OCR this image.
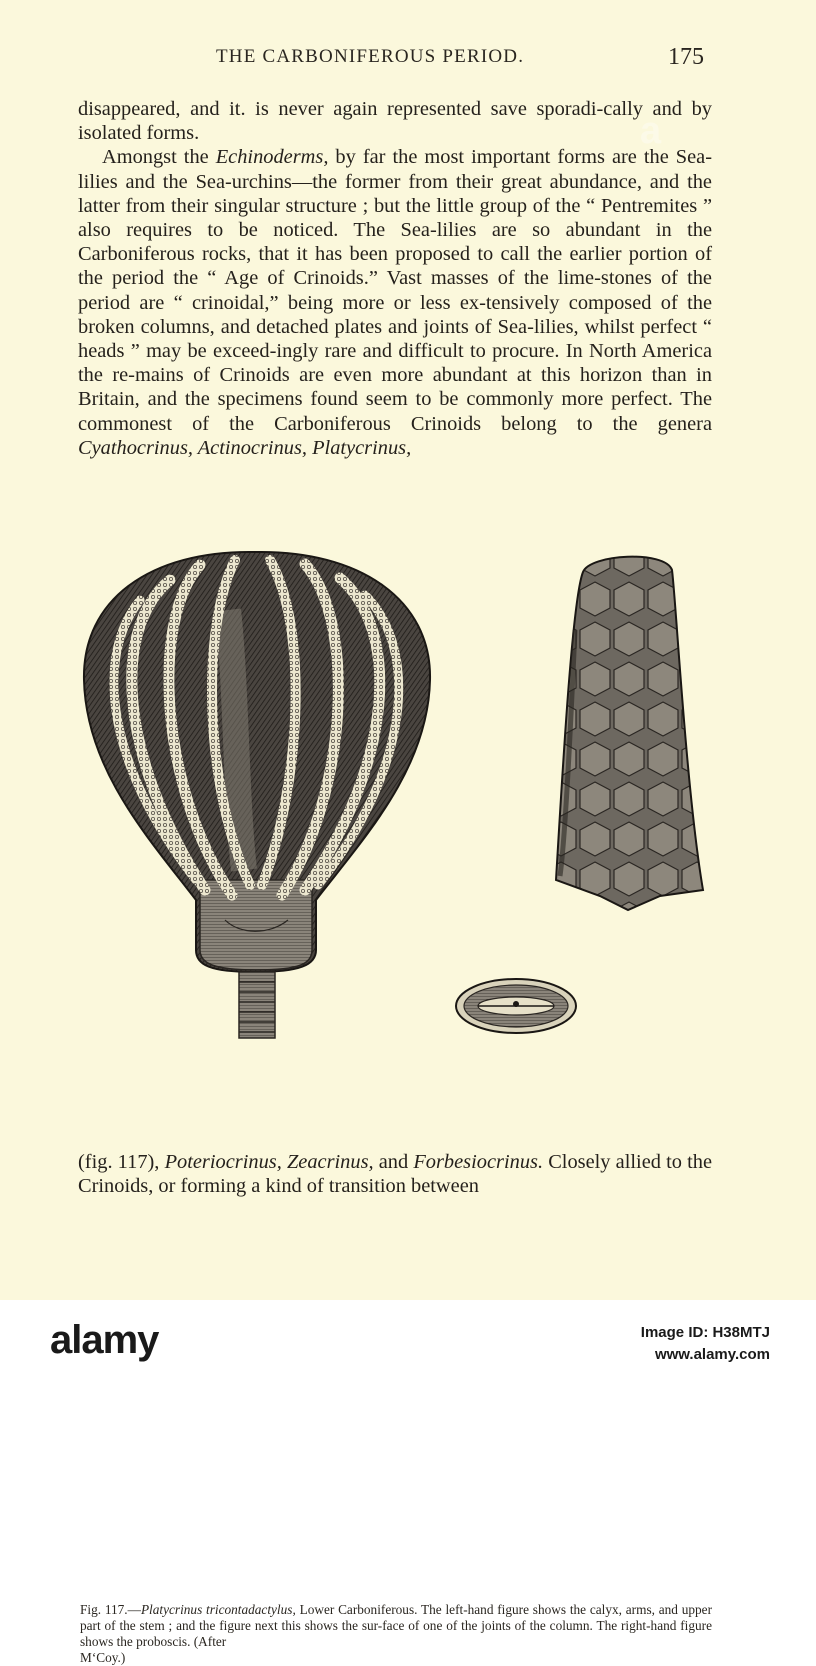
THE CARBONIFEROUS PERIOD.	175

disappeared, and it. is never again represented save sporadi-cally and by isolated forms.

Amongst the Echinoderms, by far the most important forms are the Sea-lilies and the Sea-urchins—the former from their great abundance, and the latter from their singular structure ; but the little group of the “ Pentremites ” also requires to be noticed. The Sea-lilies are so abundant in the Carboniferous rocks, that it has been proposed to call the earlier portion of the period the “ Age of Crinoids.” Vast masses of the lime-stones of the period are “ crinoidal,” being more or less ex-tensively composed of the broken columns, and detached plates and joints of Sea-lilies, whilst perfect “ heads ” may be exceed-ingly rare and difficult to procure. In North America the re-mains of Crinoids are even more abundant at this horizon than in Britain, and the specimens found seem to be commonly more perfect. The commonest of the Carboniferous Crinoids belong to the genera Cyathocrinus, Actinocrinus, Platycrinus,

Fig. 117.—Platycrinus tricontadactylus, Lower Carboniferous. The left-hand figure shows the calyx, arms, and upper part of the stem ; and the figure next this shows the sur-face of one of the joints of the column. The right-hand figure shows the proboscis. (After
M‘Coy.)

(fig. 117), Poteriocrinus, Zeacrinus, and Forbesiocrinus. Closely allied to the Crinoids, or forming a kind of transition between

a
alamy	Image ID: H38MTJ
www.alamy.com
